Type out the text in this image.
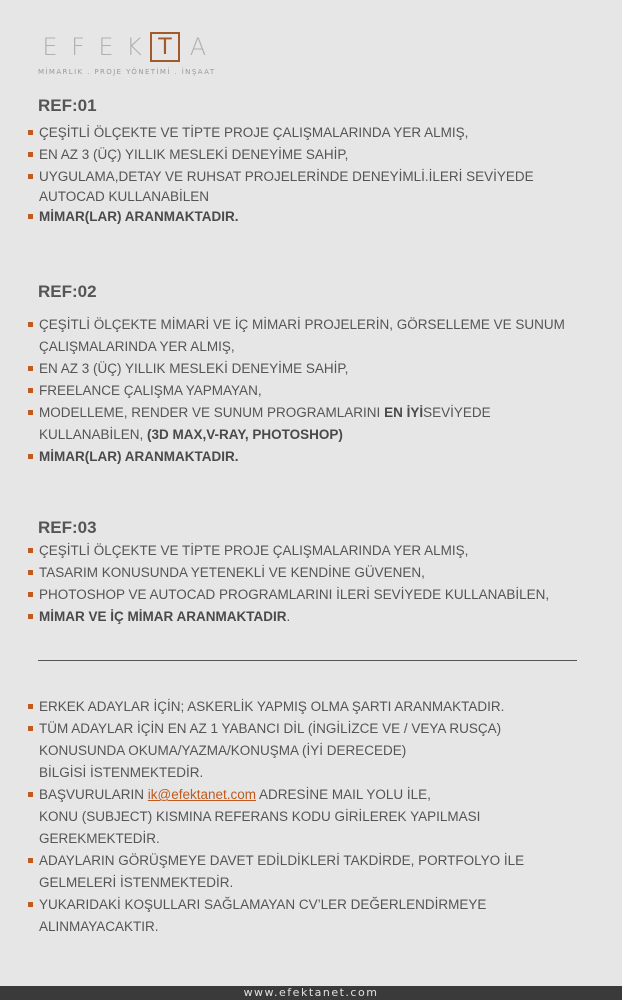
E F E K T A
MİMARLIK . PROJE YÖNETİMİ . İNŞAAT
REF:01
ÇEŞİTLİ ÖLÇEKTE VE TİPTE PROJE ÇALIŞMALARINDA YER ALMIŞ,
EN AZ 3 (ÜÇ) YILLIK MESLEKİ DENEYİME SAHİP,
UYGULAMA,DETAY VE RUHSAT PROJELERİNDE DENEYİMLİ.İLERİ SEVİYEDE
AUTOCAD KULLANABİLEN
MİMAR(LAR) ARANMAKTADIR.
REF:02
ÇEŞİTLİ ÖLÇEKTE MİMARİ VE İÇ MİMARİ PROJELERİN, GÖRSELLEME VE SUNUM
ÇALIŞMALARINDA YER ALMIŞ,
EN AZ 3 (ÜÇ) YILLIK MESLEKİ DENEYİME SAHİP,
FREELANCE ÇALIŞMA YAPMAYAN,
MODELLEME, RENDER VE SUNUM PROGRAMLARINI EN İYİSEVİYEDE
KULLANABİLEN, (3D MAX,V-RAY, PHOTOSHOP)
MİMAR(LAR) ARANMAKTADIR.
REF:03
ÇEŞİTLİ ÖLÇEKTE VE TİPTE PROJE ÇALIŞMALARINDA YER ALMIŞ,
TASARIM KONUSUNDA YETENEKLİ VE KENDİNE GÜVENEN,
PHOTOSHOP VE AUTOCAD PROGRAMLARINI İLERİ SEVİYEDE KULLANABİLEN,
MİMAR VE İÇ MİMAR ARANMAKTADIR.
ERKEK ADAYLAR İÇİN; ASKERLİK YAPMIŞ OLMA ŞARTI ARANMAKTADIR.
TÜM ADAYLAR İÇİN EN AZ 1 YABANCI DİL (İNGİLİZCE VE / VEYA RUSÇA)
KONUSUNDA OKUMA/YAZMA/KONUŞMA (İYİ DERECEDE)
BİLGİSİ İSTENMEKTEDİR.
BAŞVURULARIN ik@efektanet.com ADRESİNE MAIL YOLU İLE,
KONU (SUBJECT) KISMINA REFERANS KODU GİRİLEREK YAPILMASI
GEREKMEKTEDİR.
ADAYLARIN GÖRÜŞMEYE DAVET EDİLDİKLERİ TAKDİRDE, PORTFOLYO İLE
GELMELERİ İSTENMEKTEDİR.
YUKARIDAKİ KOŞULLARI SAĞLAMAYAN CV’LER DEĞERLENDİRMEYE
ALINMAYACAKTIR.
www.efektanet.com
